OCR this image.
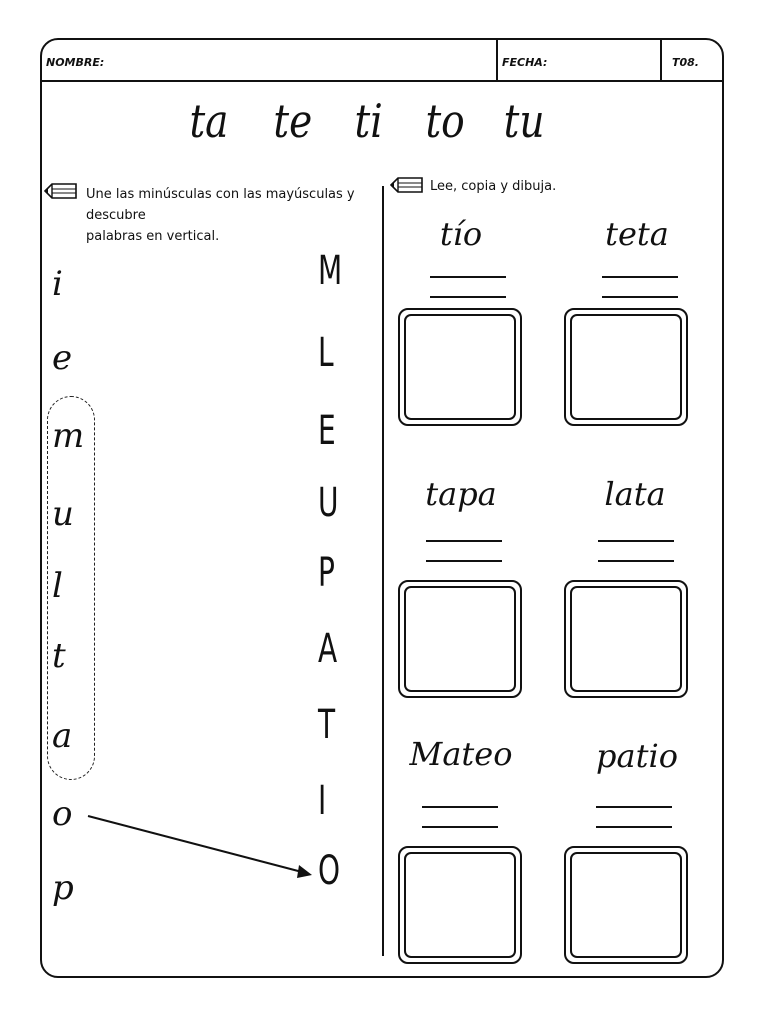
NOMBRE:	FECHA:	T08.
ta te ti to tu
Une las minúsculas con las mayúsculas y descubre
palabras en vertical.
Lee, copia y dibuja.
i
e
m
u
l
t
a
o
p
M
L
E
U
P
A
T
I
O
tío	teta
tapa	lata
Mateo	patio
